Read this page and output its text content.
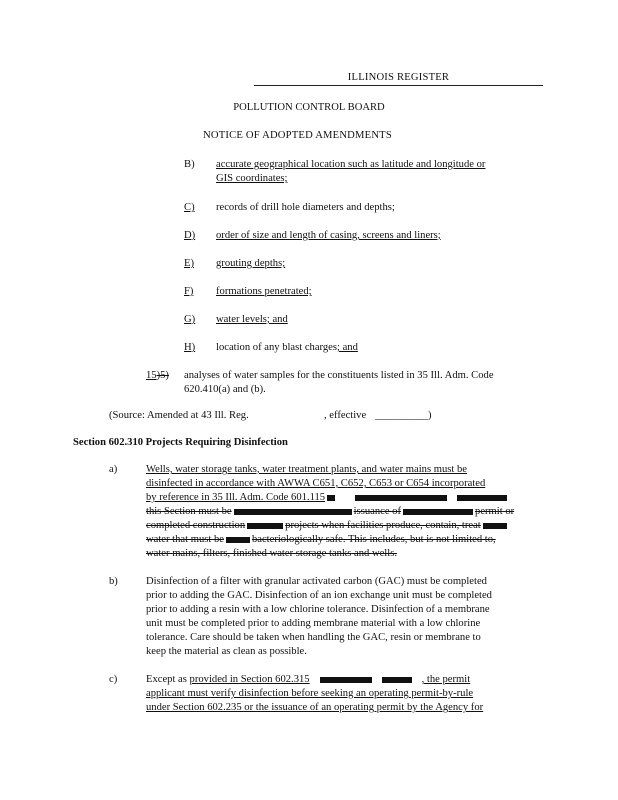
ILLINOIS REGISTER
POLLUTION CONTROL BOARD
NOTICE OF ADOPTED AMENDMENTS
B) accurate geographical location such as latitude and longitude or
GIS coordinates;
C) records of drill hole diameters and depths;
D) order of size and length of casing, screens and liners;
E) grouting depths;
F) formations penetrated;
G) water levels; and
H) location of any blast charges; and
15)5) analyses of water samples for the constituents listed in 35 Ill. Adm. Code
620.410(a) and (b).
(Source: Amended at 43 Ill. Reg.	, effective __________)
Section 602.310 Projects Requiring Disinfection
a)	Wells, water storage tanks, water treatment plants, and water mains must be
disinfected in accordance with AWWA C651, C652, C653 or C654 incorporated
by reference in 35 Ill. Adm. Code 601.115
this Section must be	issuance of	permit or
completed construction	projects when facilities produce, contain, treat
water that must be	bacteriologically safe. This includes, but is not limited to,
water mains, filters, finished water storage tanks and wells.
b)	Disinfection of a filter with granular activated carbon (GAC) must be completed
prior to adding the GAC. Disinfection of an ion exchange unit must be completed
prior to adding a resin with a low chlorine tolerance. Disinfection of a membrane
unit must be completed prior to adding membrane material with a low chlorine
tolerance. Care should be taken when handling the GAC, resin or membrane to
keep the material as clean as possible.
c)	Except as provided in Section 602.315	, the permit
applicant must verify disinfection before seeking an operating permit-by-rule
under Section 602.235 or the issuance of an operating permit by the Agency for
